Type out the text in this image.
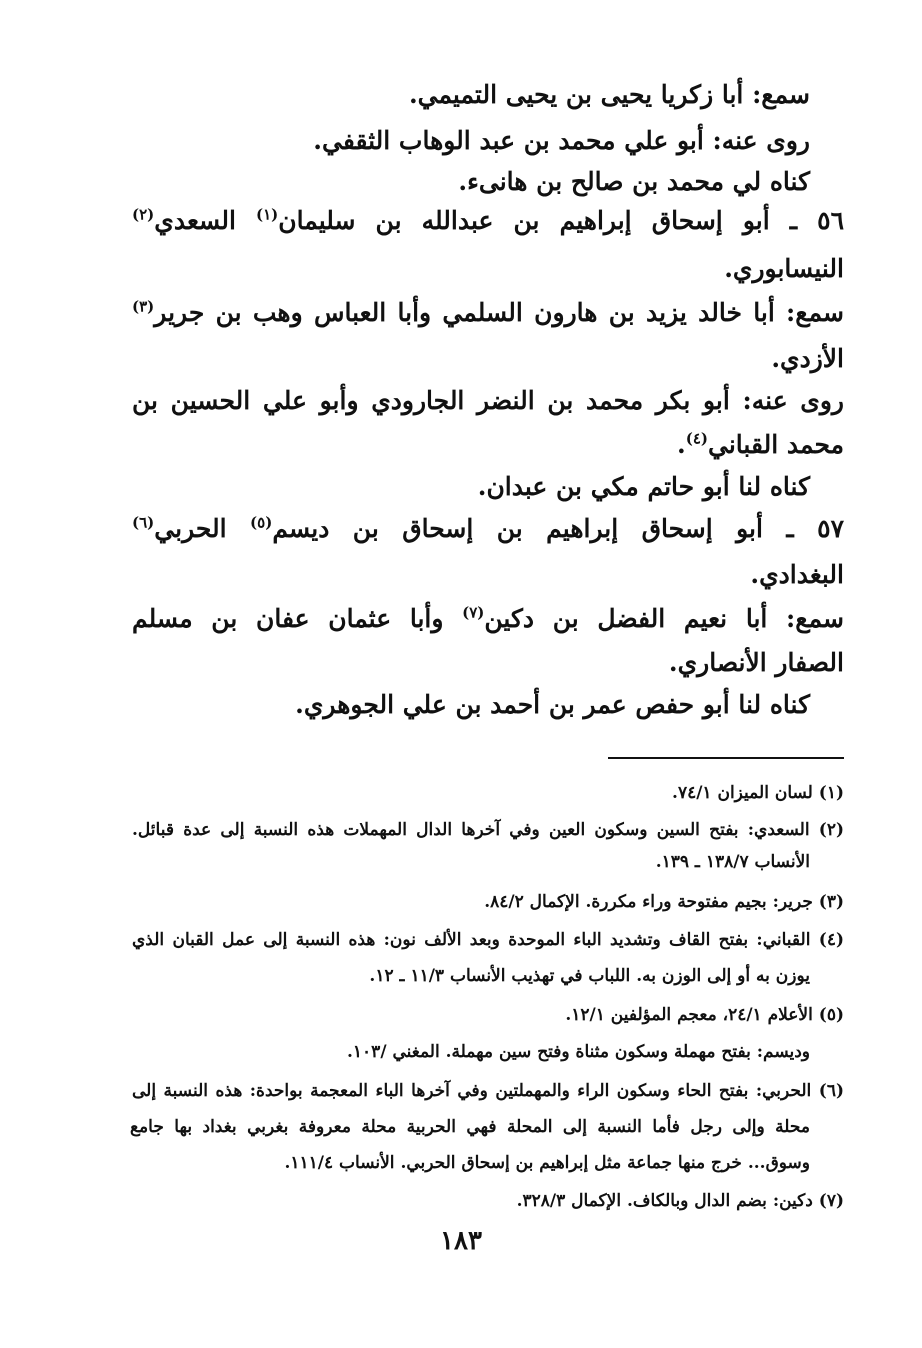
سمع: أبا زكريا يحيى بن يحيى التميمي.
روى عنه: أبو علي محمد بن عبد الوهاب الثقفي.
كناه لي محمد بن صالح بن هانىء.
٥٦ ـ أبو إسحاق إبراهيم بن عبدالله بن سليمان$^{(١)}$ السعدي$^{(٢)}$
النيسابوري.
سمع: أبا خالد يزيد بن هارون السلمي وأبا العباس وهب بن جرير$^{(٣)}$
الأزدي.
روى عنه: أبو بكر محمد بن النضر الجارودي وأبو علي الحسين بن
محمد القباني$^{(٤)}$.
كناه لنا أبو حاتم مكي بن عبدان.
٥٧ ـ أبو إسحاق إبراهيم بن إسحاق بن ديسم$^{(٥)}$ الحربي$^{(٦)}$
البغدادي.
سمع: أبا نعيم الفضل بن دكين$^{(٧)}$ وأبا عثمان عفان بن مسلم
الصفار الأنصاري.
كناه لنا أبو حفص عمر بن أحمد بن علي الجوهري.
(١) لسان الميزان ٧٤/١.
(٢) السعدي: بفتح السين وسكون العين وفي آخرها الدال المهملات هذه النسبة إلى عدة قبائل.
الأنساب ١٣٨/٧ ـ ١٣٩.
(٣) جرير: بجيم مفتوحة وراء مكررة. الإكمال ٨٤/٢.
(٤) القباني: بفتح القاف وتشديد الباء الموحدة وبعد الألف نون: هذه النسبة إلى عمل القبان الذي
يوزن به أو إلى الوزن به. اللباب في تهذيب الأنساب ١١/٣ ـ ١٢.
(٥) الأعلام ٢٤/١، معجم المؤلفين ١٢/١.
وديسم: بفتح مهملة وسكون مثناة وفتح سين مهملة. المغني /١٠٣.
(٦) الحربي: بفتح الحاء وسكون الراء والمهملتين وفي آخرها الباء المعجمة بواحدة: هذه النسبة إلى
محلة وإلى رجل فأما النسبة إلى المحلة فهي الحربية محلة معروفة بغربي بغداد بها جامع
وسوق... خرج منها جماعة مثل إبراهيم بن إسحاق الحربي. الأنساب ١١١/٤.
(٧) دكين: بضم الدال وبالكاف. الإكمال ٣٢٨/٣.
١٨٣
